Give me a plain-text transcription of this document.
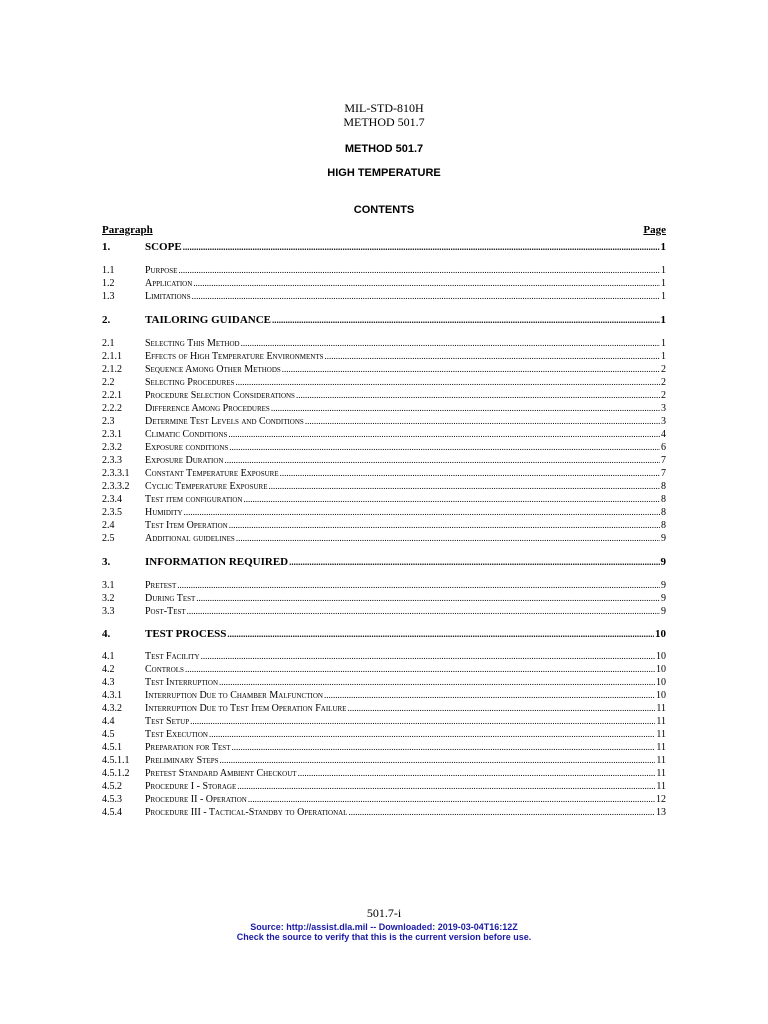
MIL-STD-810H
METHOD 501.7
METHOD 501.7
HIGH TEMPERATURE
CONTENTS
Paragraph	Page
1.	SCOPE .....	1
1.1	Purpose .....	1
1.2	Application .....	1
1.3	Limitations .....	1
2.	TAILORING GUIDANCE .....	1
2.1	Selecting This Method .....	1
2.1.1	Effects of High Temperature Environments .....	1
2.1.2	Sequence Among Other Methods .....	2
2.2	Selecting Procedures .....	2
2.2.1	Procedure Selection Considerations .....	2
2.2.2	Difference Among Procedures .....	3
2.3	Determine Test Levels and Conditions .....	3
2.3.1	Climatic Conditions .....	4
2.3.2	Exposure conditions .....	6
2.3.3	Exposure Duration .....	7
2.3.3.1	Constant Temperature Exposure .....	7
2.3.3.2	Cyclic Temperature Exposure .....	8
2.3.4	Test item configuration .....	8
2.3.5	Humidity .....	8
2.4	Test Item Operation .....	8
2.5	Additional guidelines .....	9
3.	INFORMATION REQUIRED .....	9
3.1	Pretest .....	9
3.2	During Test .....	9
3.3	Post-Test .....	9
4.	TEST PROCESS .....	10
4.1	Test Facility .....	10
4.2	Controls .....	10
4.3	Test Interruption .....	10
4.3.1	Interruption Due to Chamber Malfunction .....	10
4.3.2	Interruption Due to Test Item Operation Failure .....	11
4.4	Test Setup .....	11
4.5	Test Execution .....	11
4.5.1	Preparation for Test .....	11
4.5.1.1	Preliminary Steps .....	11
4.5.1.2	Pretest Standard Ambient Checkout .....	11
4.5.2	Procedure I - Storage .....	11
4.5.3	Procedure II - Operation .....	12
4.5.4	Procedure III - Tactical-Standby to Operational .....	13
501.7-i
Source: http://assist.dla.mil -- Downloaded: 2019-03-04T16:12Z
Check the source to verify that this is the current version before use.
